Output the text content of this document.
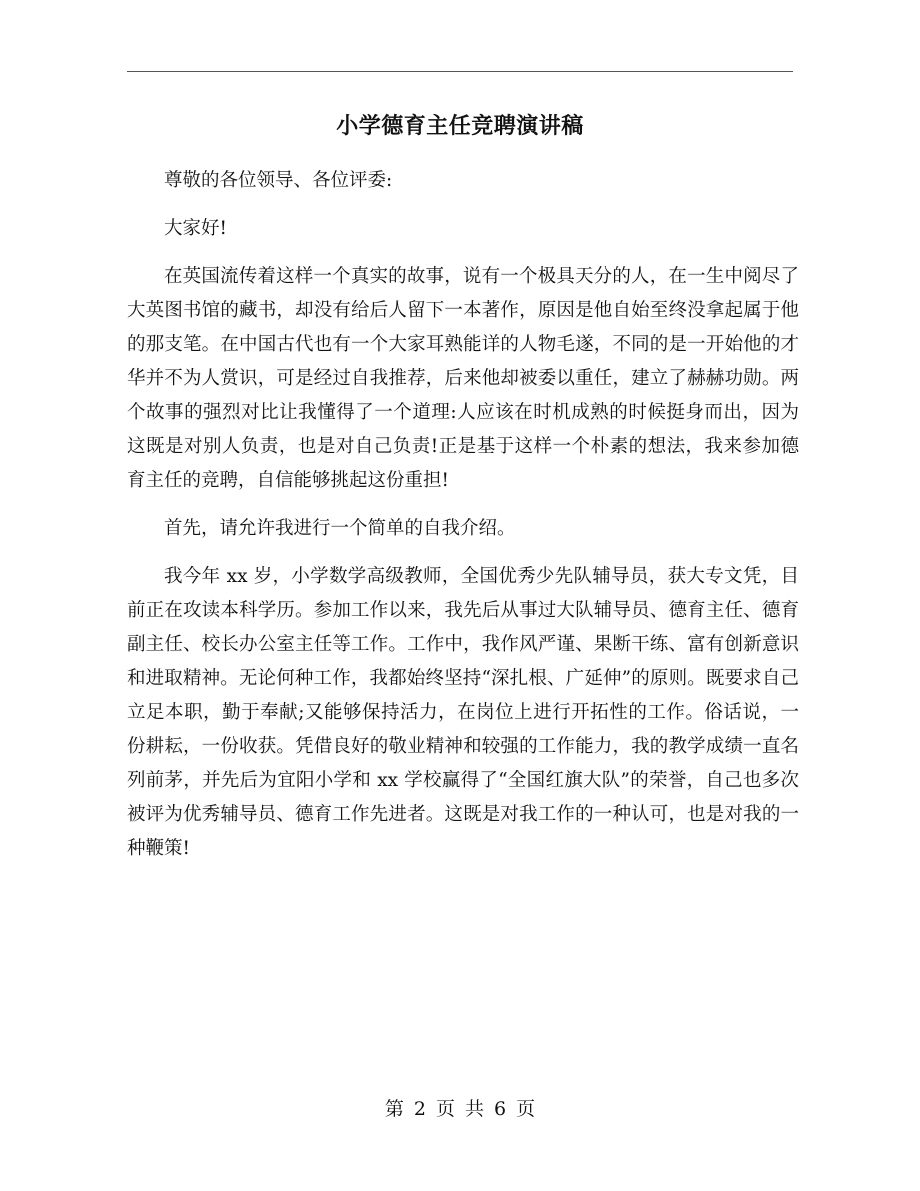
小学德育主任竞聘演讲稿

尊敬的各位领导、各位评委:

大家好!

在英国流传着这样一个真实的故事，说有一个极具天分的人，在一生中阅尽了大英图书馆的藏书，却没有给后人留下一本著作，原因是他自始至终没拿起属于他的那支笔。在中国古代也有一个大家耳熟能详的人物毛遂，不同的是一开始他的才华并不为人赏识，可是经过自我推荐，后来他却被委以重任，建立了赫赫功勋。两个故事的强烈对比让我懂得了一个道理:人应该在时机成熟的时候挺身而出，因为这既是对别人负责，也是对自己负责!正是基于这样一个朴素的想法，我来参加德育主任的竞聘，自信能够挑起这份重担!

首先，请允许我进行一个简单的自我介绍。

我今年 xx 岁，小学数学高级教师，全国优秀少先队辅导员，获大专文凭，目前正在攻读本科学历。参加工作以来，我先后从事过大队辅导员、德育主任、德育副主任、校长办公室主任等工作。工作中，我作风严谨、果断干练、富有创新意识和进取精神。无论何种工作，我都始终坚持“深扎根、广延伸”的原则。既要求自己立足本职，勤于奉献;又能够保持活力，在岗位上进行开拓性的工作。俗话说，一份耕耘，一份收获。凭借良好的敬业精神和较强的工作能力，我的教学成绩一直名列前茅，并先后为宜阳小学和 xx 学校赢得了“全国红旗大队”的荣誉，自己也多次被评为优秀辅导员、德育工作先进者。这既是对我工作的一种认可，也是对我的一种鞭策!

第 2 页 共 6 页
